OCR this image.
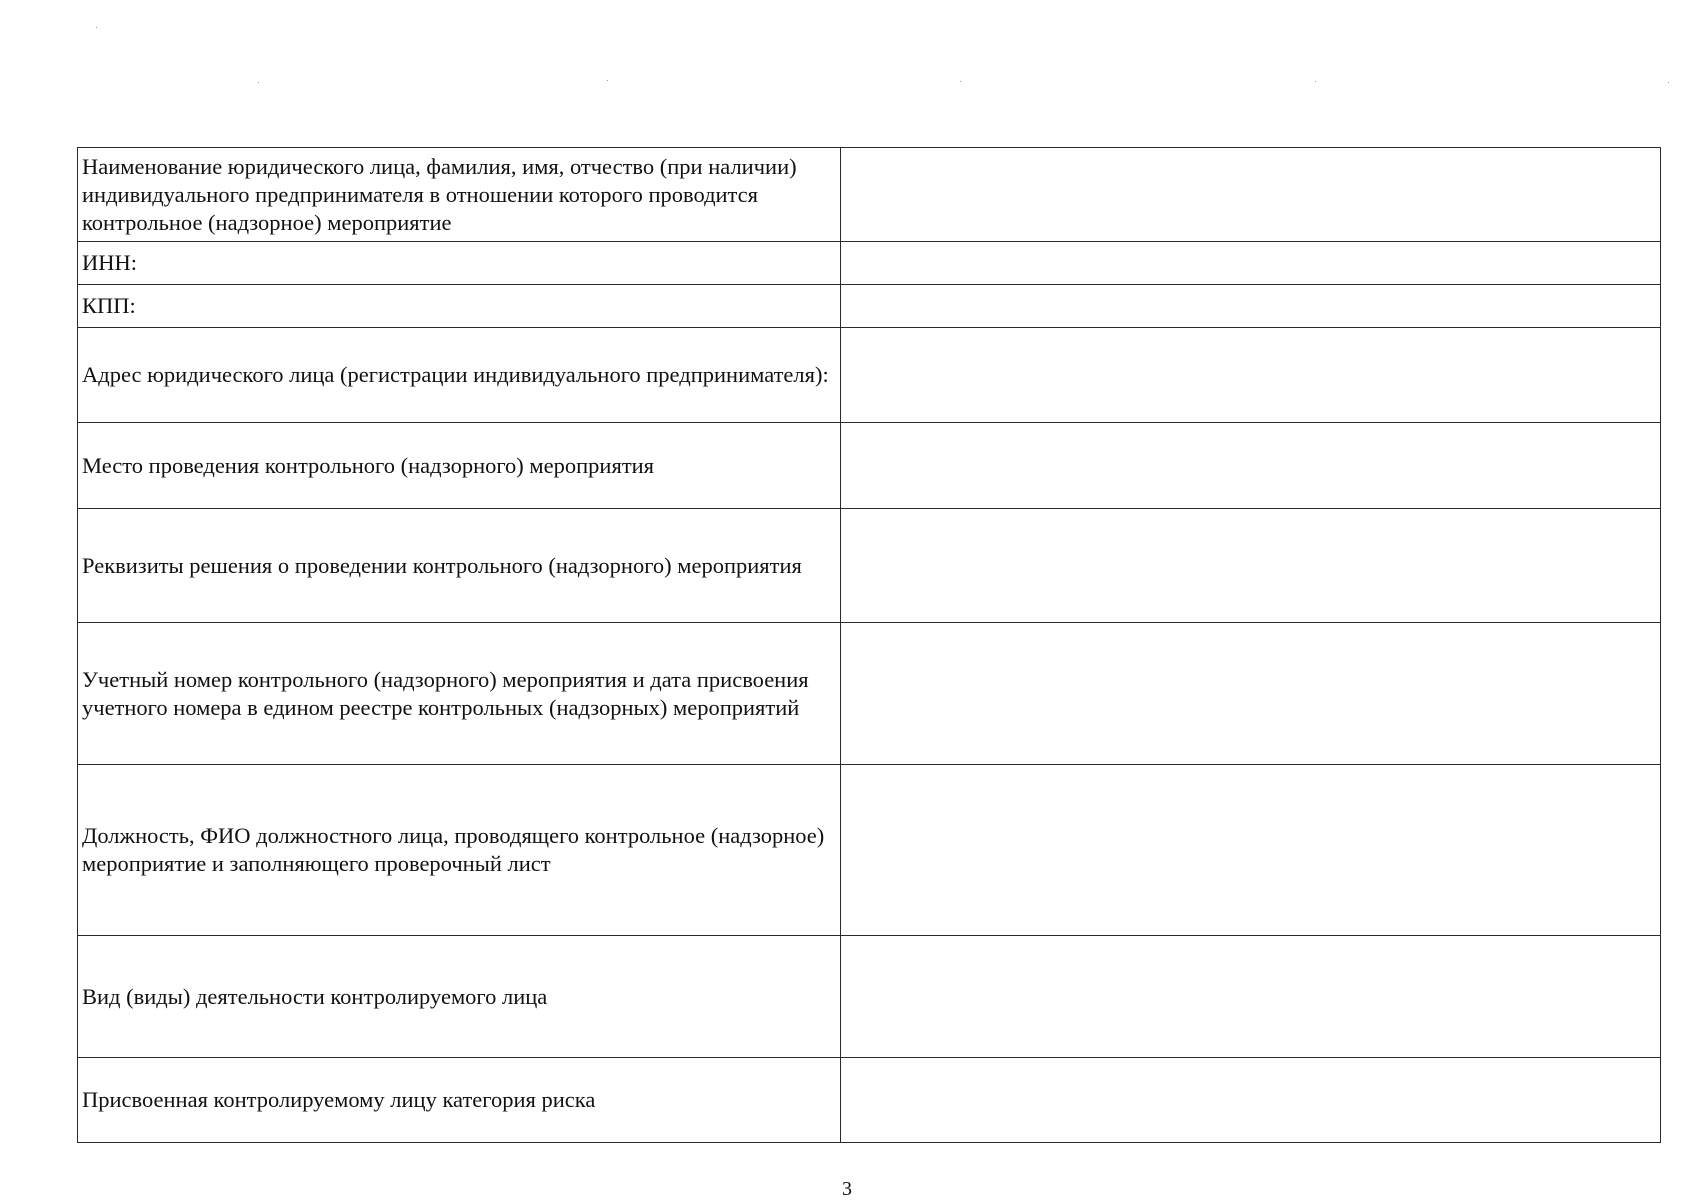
Наименование юридического лица, фамилия, имя, отчество (при наличии) индивидуального предпринимателя в отношении которого проводится контрольное (надзорное) мероприятие	
ИНН:	
КПП:	
Адрес юридического лица (регистрации индивидуального предпринимателя):	
Место проведения контрольного (надзорного) мероприятия	
Реквизиты решения о проведении контрольного (надзорного) мероприятия	
Учетный номер контрольного (надзорного) мероприятия и дата присвоения учетного номера в едином реестре контрольных (надзорных) мероприятий	
Должность, ФИО должностного лица, проводящего контрольное (надзорное) мероприятие и заполняющего проверочный лист	
Вид (виды) деятельности контролируемого лица	
Присвоенная контролируемому лицу категория риска	
3
